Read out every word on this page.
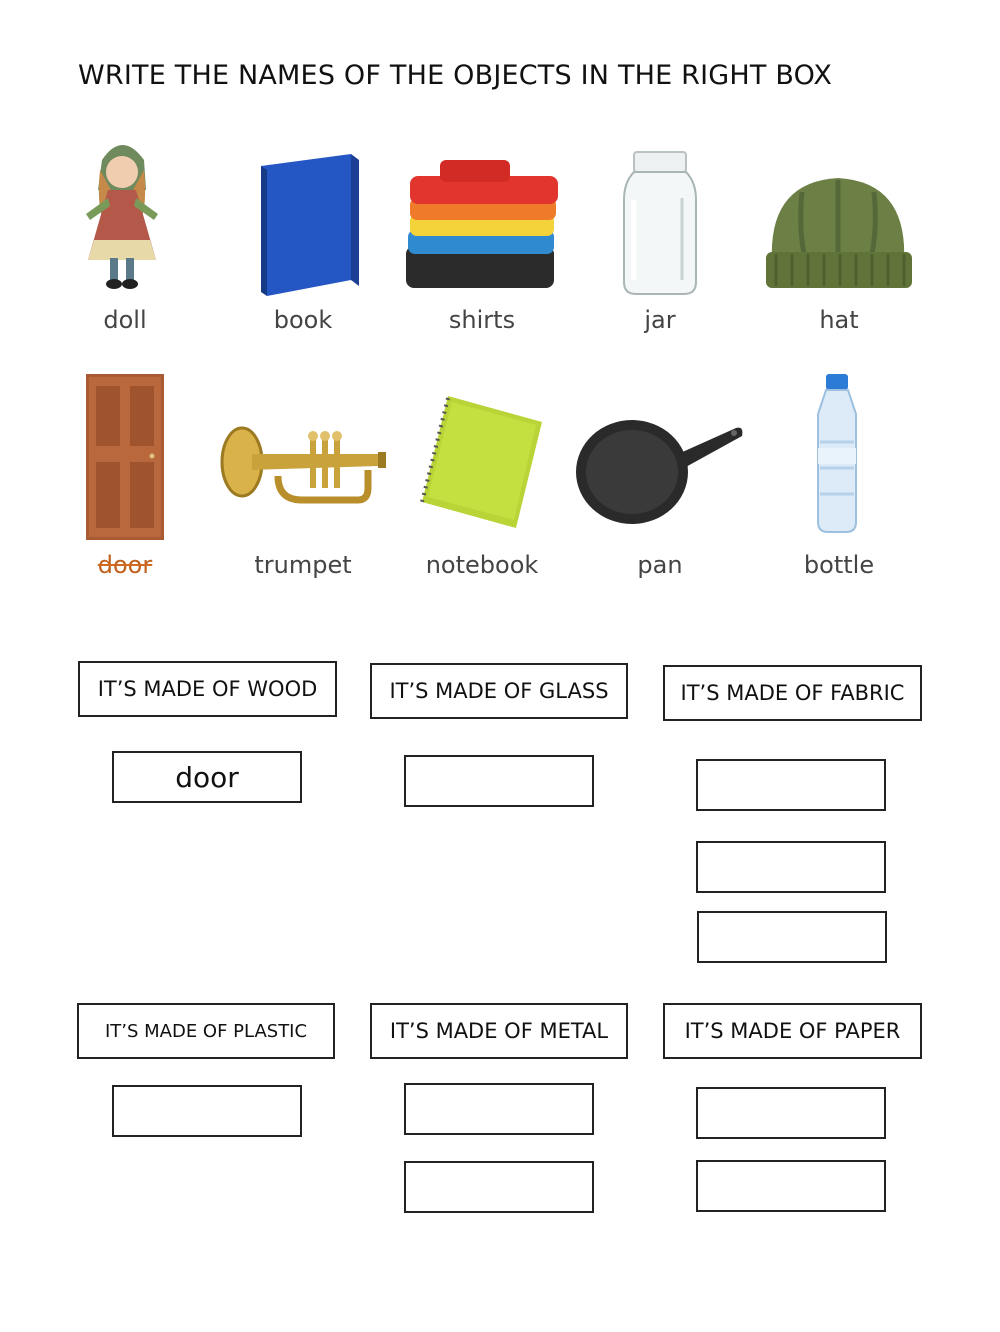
WRITE THE NAMES OF THE OBJECTS IN THE RIGHT BOX
doll	book	shirts	jar	hat
door	trumpet	notebook	pan	bottle
IT’S MADE OF WOOD	IT’S MADE OF GLASS	IT’S MADE OF FABRIC
door
IT’S MADE OF PLASTIC	IT’S MADE OF METAL	IT’S MADE OF PAPER
